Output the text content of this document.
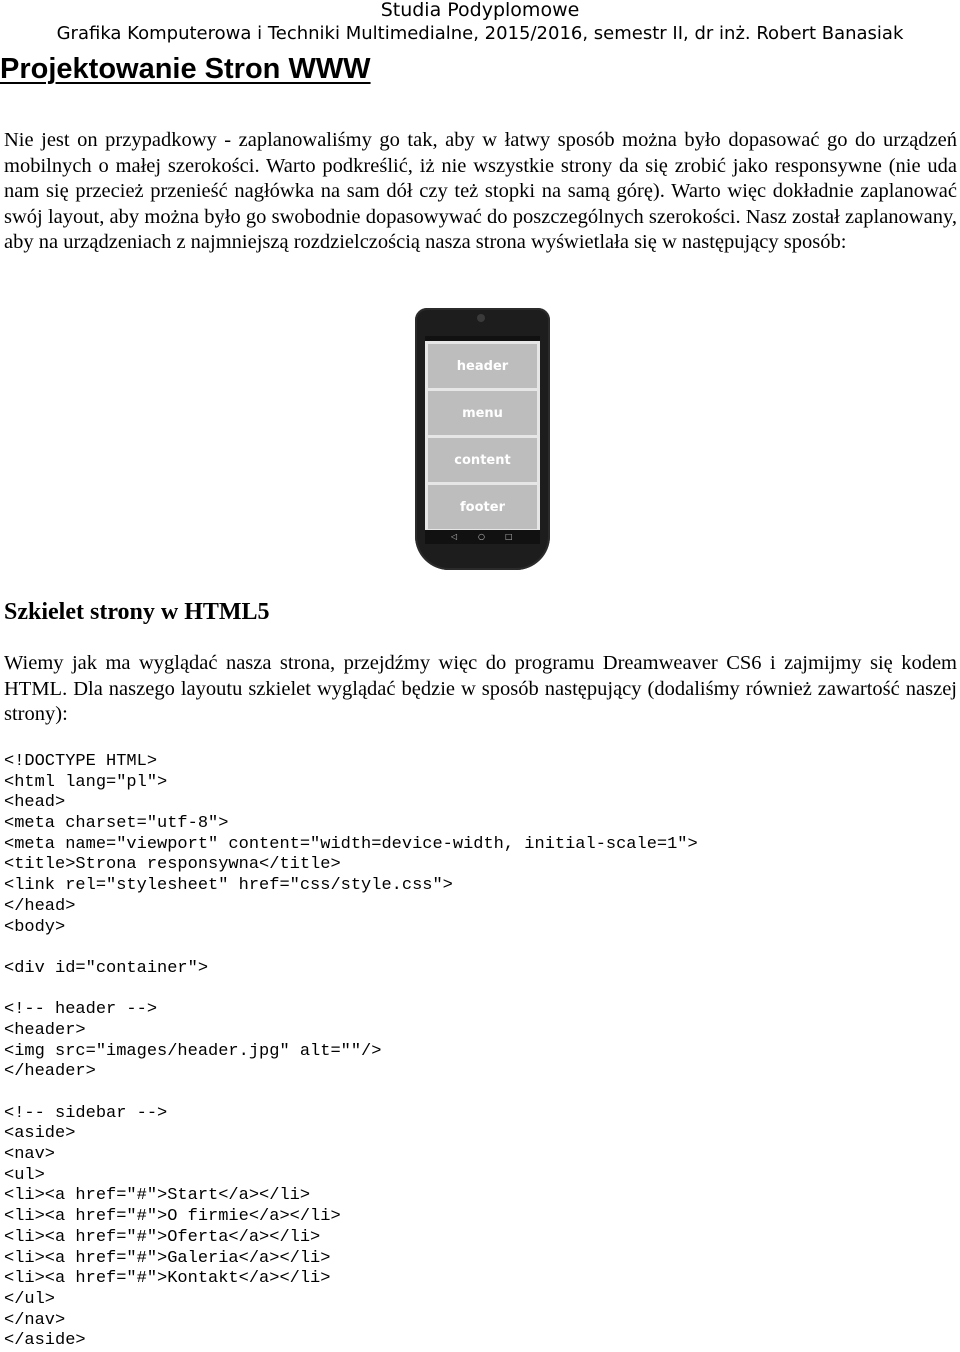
Studia Podyplomowe
Grafika Komputerowa i Techniki Multimedialne, 2015/2016, semestr II, dr inż. Robert Banasiak
Projektowanie Stron WWW

Nie jest on przypadkowy - zaplanowaliśmy go tak, aby w łatwy sposób można było dopasować go do urządzeń mobilnych o małej szerokości. Warto podkreślić, iż nie wszystkie strony da się zrobić jako responsywne (nie uda nam się przecież przenieść nagłówka na sam dół czy też stopki na samą górę). Warto więc dokładnie zaplanować swój layout, aby można było go swobodnie dopasowywać do poszczególnych szerokości. Nasz został zaplanowany, aby na urządzeniach z najmniejszą rozdzielczością nasza strona wyświetlała się w następujący sposób:

header
menu
content
footer
◁	○	□
Szkielet strony w HTML5

Wiemy jak ma wyglądać nasza strona, przejdźmy więc do programu Dreamweaver CS6 i zajmijmy się kodem HTML. Dla naszego layoutu szkielet wyglądać będzie w sposób następujący (dodaliśmy również zawartość naszej strony):

<!DOCTYPE HTML>
<html lang="pl">
<head>
<meta charset="utf-8">
<meta name="viewport" content="width=device-width, initial-scale=1">
<title>Strona responsywna</title>
<link rel="stylesheet" href="css/style.css">
</head>
<body>
<div id="container">
<!-- header -->
<header>
<img src="images/header.jpg" alt=""/>
</header>
<!-- sidebar -->
<aside>
<nav>
<ul>
<li><a href="#">Start</a></li>
<li><a href="#">O firmie</a></li>
<li><a href="#">Oferta</a></li>
<li><a href="#">Galeria</a></li>
<li><a href="#">Kontakt</a></li>
</ul>
</nav>
</aside>
